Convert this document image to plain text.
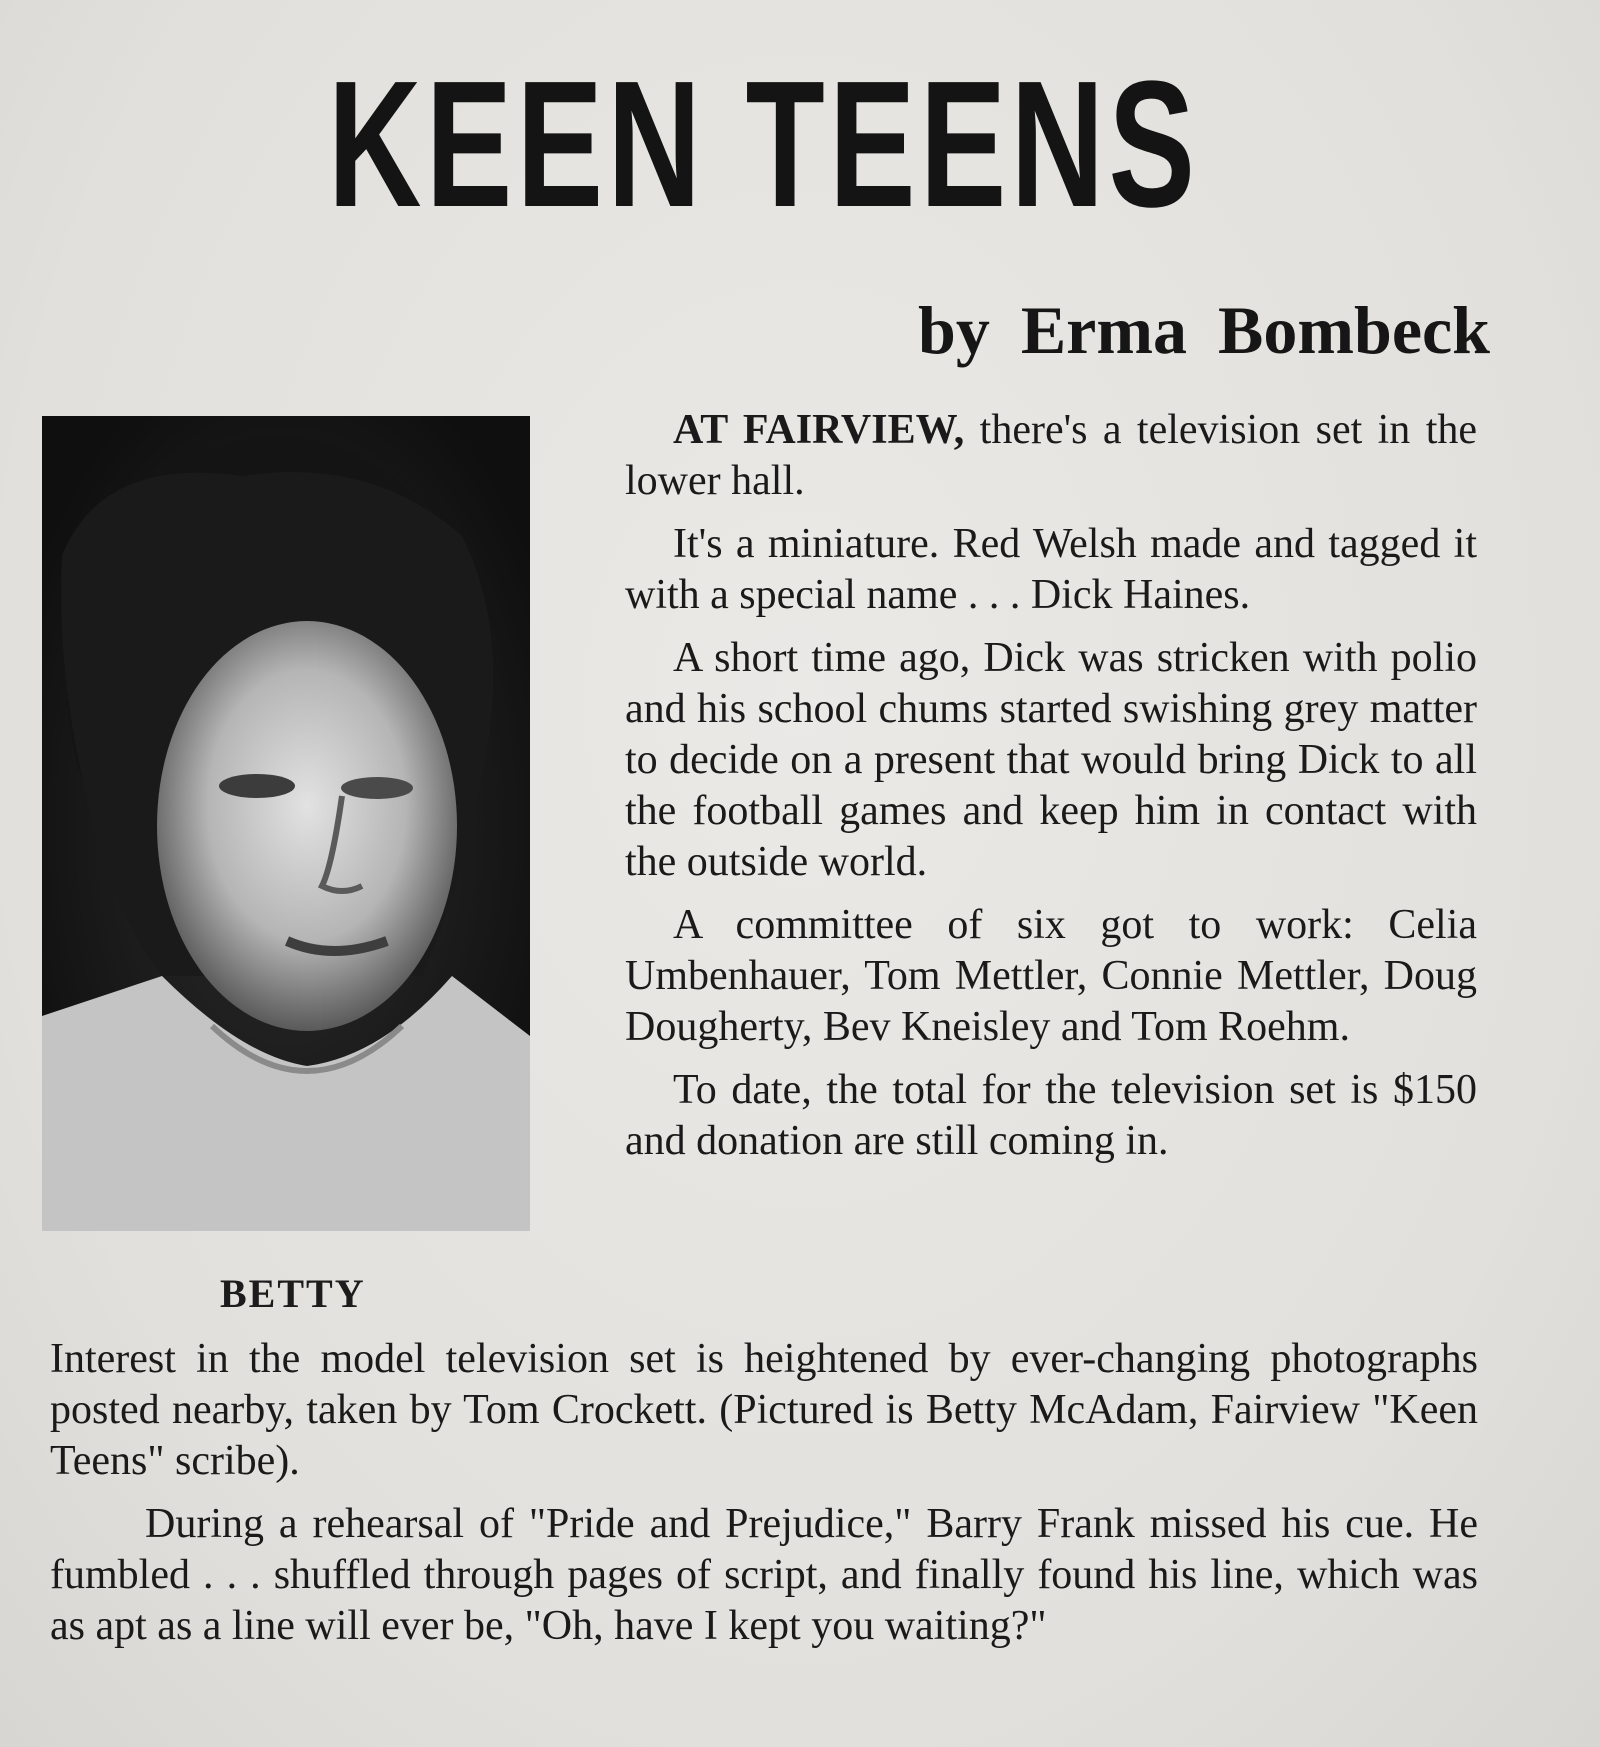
KEEN TEENS
by Erma Bombeck
BETTY

AT FAIRVIEW, there's a television set in the lower hall.

It's a miniature. Red Welsh made and tagged it with a special name . . . Dick Haines.

A short time ago, Dick was stricken with polio and his school chums started swishing grey matter to decide on a present that would bring Dick to all the football games and keep him in contact with the outside world.

A committee of six got to work: Celia Umbenhauer, Tom Mettler, Connie Mettler, Doug Dougherty, Bev Kneisley and Tom Roehm.

To date, the total for the television set is $150 and donation are still coming in.

Interest in the model television set is heightened by ever-changing photographs posted nearby, taken by Tom Crockett. (Pictured is Betty McAdam, Fairview "Keen Teens" scribe).

During a rehearsal of "Pride and Prejudice," Barry Frank missed his cue. He fumbled . . . shuffled through pages of script, and finally found his line, which was as apt as a line will ever be, "Oh, have I kept you waiting?"
